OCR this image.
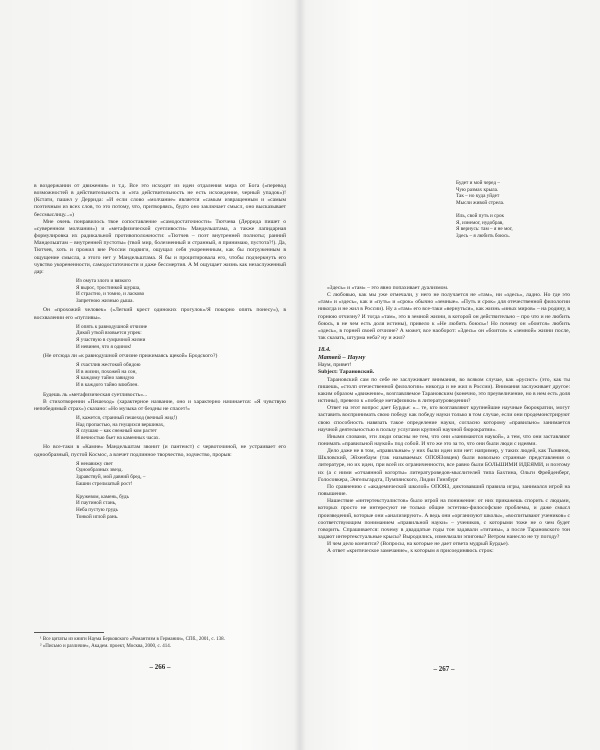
в воздержании от движения» и т.д. Все это исходит из идеи отдаления мира от Бога («перевод возможностей в действительность и «эта действительность не есть исхождение, черный упадок»)! (Кстати, пашел у Деррида: «И если слово «молчание» является «самым извращенным и «самым поэтичным из всех слов, то это потому, что, притворяясь, будто оно заключает смысл, оно высказывает бессмыслицу...»)

Мне очень понравилось твое сопоставление «самодостаточности» Тютчева (Деррида пишет о «суверенном молчании») и «метафизической суетливости» Мандельштама, а также лапидарная формулировка их радикальной противоположности: «Тютчев – поэт внутренней полноты; ранний Мандельштам – внутренней пустоты» (твой мир, болезненный и странный, я принимаю, пустота?!). Да, Тютчев, хоть и прожил вне России подвиги, ощущал себя укорененным, как бы погруженным в ощущение смысла, а этого нет у Мандельштама. Я бы и процитировала его, чтобы подчеркнуть его чувство укорененности, самодостаточности и даже бессмертия. А М ощущает жизнь как незаслуженный дар:

Из омута злого и вязкого
Я вырос, тростинкой шурша,
И страстно, и томно, и ласково
Запретною жизнью дыша.

Он «прохожий человек» («Легкий крест одиноких прогулок»/Я покорно опять понесу»), в восхвалении его «пугливы».

И опять к равнодушной отчизне
Дикой уткой взовьется упрек:
Я участвую в сумрачной жизни
И невинен, что я одинок!

(Не отсюда ли «к равнодушной отчизне прижимаясь щекой» Бродского?)

Я счастлив жестокой обидою
И в жизни, похожей на сон,
Я каждому тайно завидую
И в каждого тайно влюблен.

Будешь ль «метафизическая суетливость»...

В стихотворении «Пешеход» (характерное название, оно и характерно начинается: «Я чувствую непобедимый страх») сказано: «Но музыка от бездны не спасет!»

И, кажется, странный пешеход (вечный жид!)
Над пропастью, на гнущихся вершинах,
Я слушаю – как снежный ком растет
И вечностью бьет на каменных часах.

Но все-таки в «Камне» Мандельштам звонит (и пантеист) с червоточиной, не устраивает его однообразный, пустой Космос, а влечет подлинное творчество, зодчество, прорыв:

Я ненавижу свет
Однообразных звезд.
Здравствуй, мой давний бред, –
Башни стрельчатый рост!

Кружевом, камень, будь
И паутиной стань,
Неба пустую грудь
Тонкой иглой рань.

¹ Все цитаты из книги Наума Берковского «Романтизм в Германии», СПб., 2001, с. 138.

² «Письмо и различие», Академ. проект, Москва, 2000, с. 414.

– 266 –
Будет и мой черед –
Чую размах крыла.
Так – но куда уйдет
Мысли живой стрела.

Иль, свой путь и срок
Я, изнемог, нудобрав,
Я вернусь: там – я не мог,
Здесь – я любить боюсь.

«Здесь» и «там» – это явно попахивает дуализмом.

С любовью, как мы уже отмечали, у него не получается не «там», ни «здесь», ладно. Но где это «там» и «здесь», как и «путь» и «срок» обычно «земные». «Путь и срок» для отечественной филологии никогда и не жил в России). Ну а «там» его все-таки «вернуться», как жизнь «иных миров» – на родину, в горнюю отчизну? И тогда «там», это в земной жизни, в которой он действительно – про что и не любить боюсь, в не чем есть доля истины), привело к «Не любить боюсь»! Но почему он «боится» любить «здесь», в горней своей отчизне? А может, все наоборот: «Здесь» он «боится» к «земной» жизни после, так сказать, штурма неба? ну и жил?

18.4.
Матвей – Науму

Наум, привет!

Subject: Тарановский.

Тарановский сам по себе не заслуживает внимания, во всяком случае, как «русист» (это, как ты пишешь, «столп отечественной филологии» никогда и не жил в России). Внимания заслуживает другое: каким образом «движение», возглавляемое Тарановским (конечно, это преувеличение, но в нем есть доля истины), превело к «победе метафизики» в литературоведении?

Ответ на этот вопрос дает Бурдье: «... те, кто возглавляют крупнейшие научные бюрократии, могут заставить воспринимать свою победу как победу науки только в том случае, если они продемонстрируют свою способность навязать такое определение науки, согласно которому «правильно» занимается научной деятельностью в пользу услугами крупной научной бюрократии».

Иными словами, эти люди опасны не тем, что они «занимаются наукой», а тем, что они заставляют понимать «правильной наукой» под собой. И что же это за то, что они были люди с идеями.

Дело даже не в том, «правильные» у них были идеи или нет: например, у таких людей, как Тынянов, Шкловский, Эйхенбаум (так называемых ОПОЯЗовцев) были вовольно странные представления о литературе, но их идеи, при всей их ограниченности, все равно были БОЛЬШИМИ ИДЕЯМИ, и поэтому их (а с ними «отчаянной когорты» литературоведов-мыслителей типа Бахтина, Ольги Фрейденберг, Голосовкера, Энгельгардта, Пумпянского, Лидии Гинзбург

По сравнению с «академической школой» ОПОЯЗ, диктовавший правила игры, занимался игрой на повышение.

Нашествие «интертекстуалистов» было игрой на понижение: от них прикажешь спорить с людьми, которых просто не интересуют не только общие эстетико-философские проблемы, и даже смысл произведений, которые они «анализируют». А ведь они «организуют школы», «воспитывают учеников» с соответствующим пониманием «правильной науки» – учеников, с которыми тоже не о чем будет говорить. Спрашивается: почему в двадцатые годы тон задавали «титаны», а после Тарановского тон задают интертекстуальные крысы? Выродились, измельчали эпигоны? Ветром нанесло не ту погоду?

И чем дело кончится? (Вопросы, на которые не дает ответа мудрый Бурдье).

А ответ «критическое замечание», к которым я присоединяюсь строк:

– 267 –
